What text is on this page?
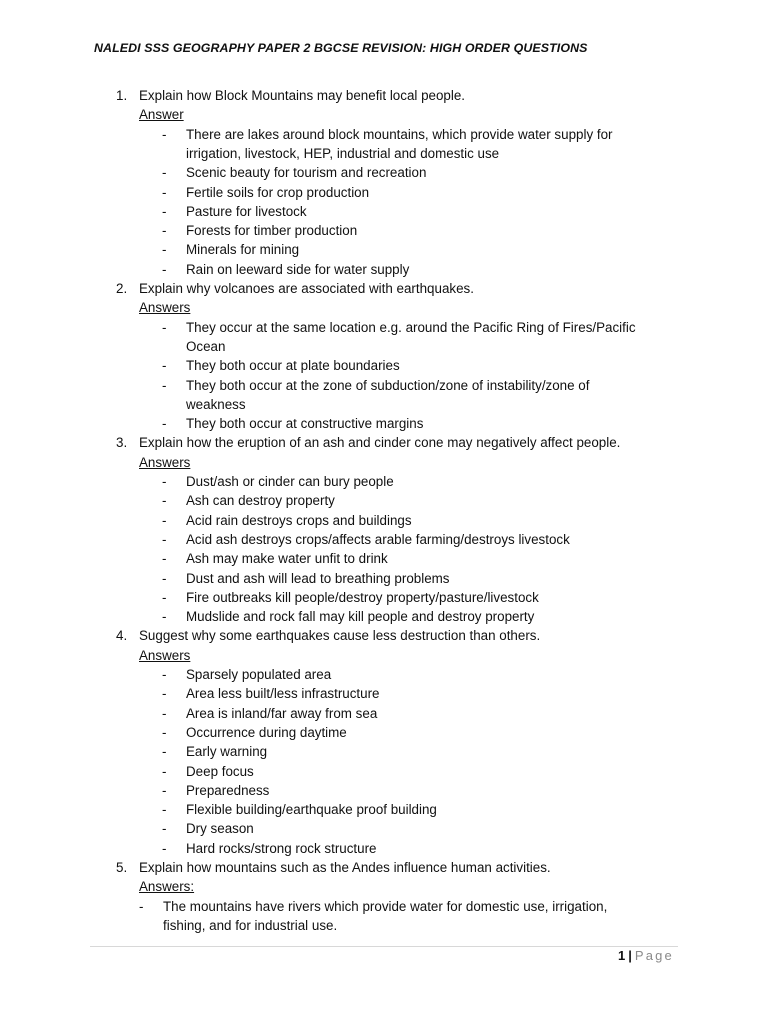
NALEDI SSS GEOGRAPHY PAPER 2 BGCSE REVISION: HIGH ORDER QUESTIONS
1. Explain how Block Mountains may benefit local people.
Answer
- There are lakes around block mountains, which provide water supply for
irrigation, livestock, HEP, industrial and domestic use
- Scenic beauty for tourism and recreation
- Fertile soils for crop production
- Pasture for livestock
- Forests for timber production
- Minerals for mining
- Rain on leeward side for water supply
2. Explain why volcanoes are associated with earthquakes.
Answers
- They occur at the same location e.g. around the Pacific Ring of Fires/Pacific
Ocean
- They both occur at plate boundaries
- They both occur at the zone of subduction/zone of instability/zone of
weakness
- They both occur at constructive margins
3. Explain how the eruption of an ash and cinder cone may negatively affect people.
Answers
- Dust/ash or cinder can bury people
- Ash can destroy property
- Acid rain destroys crops and buildings
- Acid ash destroys crops/affects arable farming/destroys livestock
- Ash may make water unfit to drink
- Dust and ash will lead to breathing problems
- Fire outbreaks kill people/destroy property/pasture/livestock
- Mudslide and rock fall may kill people and destroy property
4. Suggest why some earthquakes cause less destruction than others.
Answers
- Sparsely populated area
- Area less built/less infrastructure
- Area is inland/far away from sea
- Occurrence during daytime
- Early warning
- Deep focus
- Preparedness
- Flexible building/earthquake proof building
- Dry season
- Hard rocks/strong rock structure
5. Explain how mountains such as the Andes influence human activities.
Answers:
- The mountains have rivers which provide water for domestic use, irrigation,
fishing, and for industrial use.
1 | Page
